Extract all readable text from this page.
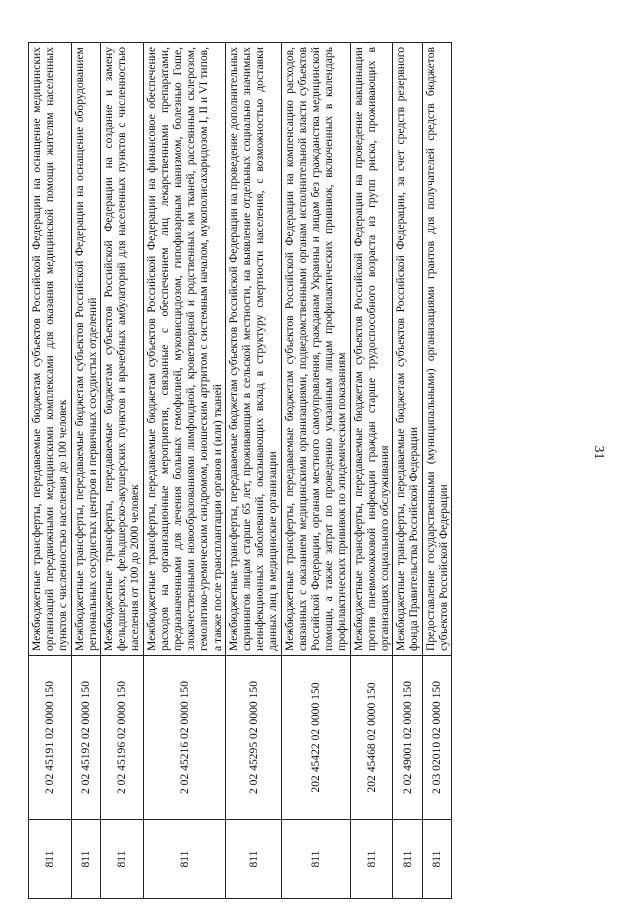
31
811	2 02 45191 02 0000 150	Межбюджетные трансферты, передаваемые бюджетам субъектов Российской Федерации на оснащение медицинских организаций передвижными медицинскими комплексами для оказания медицинской помощи жителям населенных пунктов с численностью населения до 100 человек
811	2 02 45192 02 0000 150	Межбюджетные трансферты, передаваемые бюджетам субъектов Российской Федерации на оснащение оборудованием региональных сосудистых центров и первичных сосудистых отделений
811	2 02 45196 02 0000 150	Межбюджетные трансферты, передаваемые бюджетам субъектов Российской Федерации на создание и замену фельдшерских, фельдшерско-акушерских пунктов и врачебных амбулаторий для населенных пунктов с численностью населения от 100 до 2000 человек
811	2 02 45216 02 0000 150	Межбюджетные трансферты, передаваемые бюджетам субъектов Российской Федерации на финансовое обеспечение расходов на организационные мероприятия, связанные с обеспечением лиц лекарственными препаратами, предназначенными для лечения больных гемофилией, муковисцидозом, гипофизарным нанизмом, болезнью Гоше, злокачественными новообразованиями лимфоидной, кроветворной и родственных им тканей, рассеянным склерозом, гемолитико-уремическим синдромом, юношеским артритом с системным началом, мукополисахаридозом I, II и VI типов, а также после трансплантации органов и (или) тканей
811	2 02 45295 02 0000 150	Межбюджетные трансферты, передаваемые бюджетам субъектов Российской Федерации на проведение дополнительных скринингов лицам старше 65 лет, проживающим в сельской местности, на выявление отдельных социально значимых неинфекционных заболеваний, оказывающих вклад в структуру смертности населения, с возможностью доставки данных лиц в медицинские организации
811	202 45422 02 0000 150	Межбюджетные трансферты, передаваемые бюджетам субъектов Российской Федерации на компенсацию расходов, связанных с оказанием медицинскими организациями, подведомственными органам исполнительной власти субъектов Российской Федерации, органам местного самоуправления, гражданам Украины и лицам без гражданства медицинской помощи, а также затрат по проведению указанным лицам профилактических прививок, включенных в календарь профилактических прививок по эпидемическим показаниям
811	202 45468 02 0000 150	Межбюджетные трансферты, передаваемые бюджетам субъектов Российской Федерации на проведение вакцинации против пневмококковой инфекции граждан старше трудоспособного возраста из групп риска, проживающих в организациях социального обслуживания
811	2 02 49001 02 0000 150	Межбюджетные трансферты, передаваемые бюджетам субъектов Российской Федерации, за счет средств резервного фонда Правительства Российской Федерации
811	2 03 02010 02 0000 150	Предоставление государственными (муниципальными) организациями грантов для получателей средств бюджетов субъектов Российской Федерации
